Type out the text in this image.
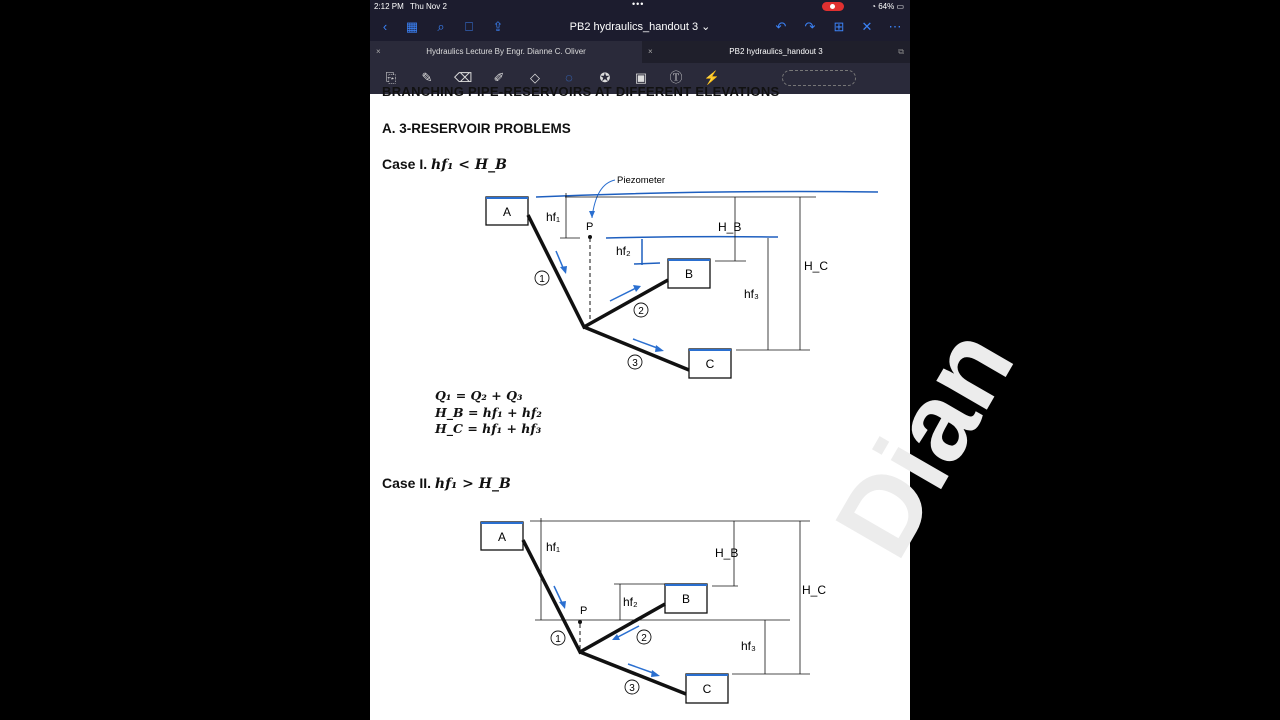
2:12 PM Thu Nov 2	•••	◔ 64% ▭
‹	▦	⌕	⎕	⇪	PB2 hydraulics_handout 3 ⌄	↶ ↷ ⊞ ✕ ⋯
×	Hydraulics Lecture By Engr. Dianne C. Oliver	×	PB2 hydraulics_handout 3	⧉
⎘ ✎ ⌫ ✐	◇	◌	✪ ▣ Ⓣ ⚡
Dian
BRANCHING PIPE-RESERVOIRS AT DIFFERENT ELEVATIONS
A. 3-RESERVOIR PROBLEMS
Case I. hf₁ < H_B
A
B
C
P
Piezometer
1
2
3
hf₁
hf₂
hf₃
H_B
H_C
Q₁ = Q₂ + Q₃
H_B = hf₁ + hf₂
H_C = hf₁ + hf₃
Case II. hf₁ > H_B
A
B
C
P
1	2
3
hf₁
hf₂
hf₃
H_B
H_C
